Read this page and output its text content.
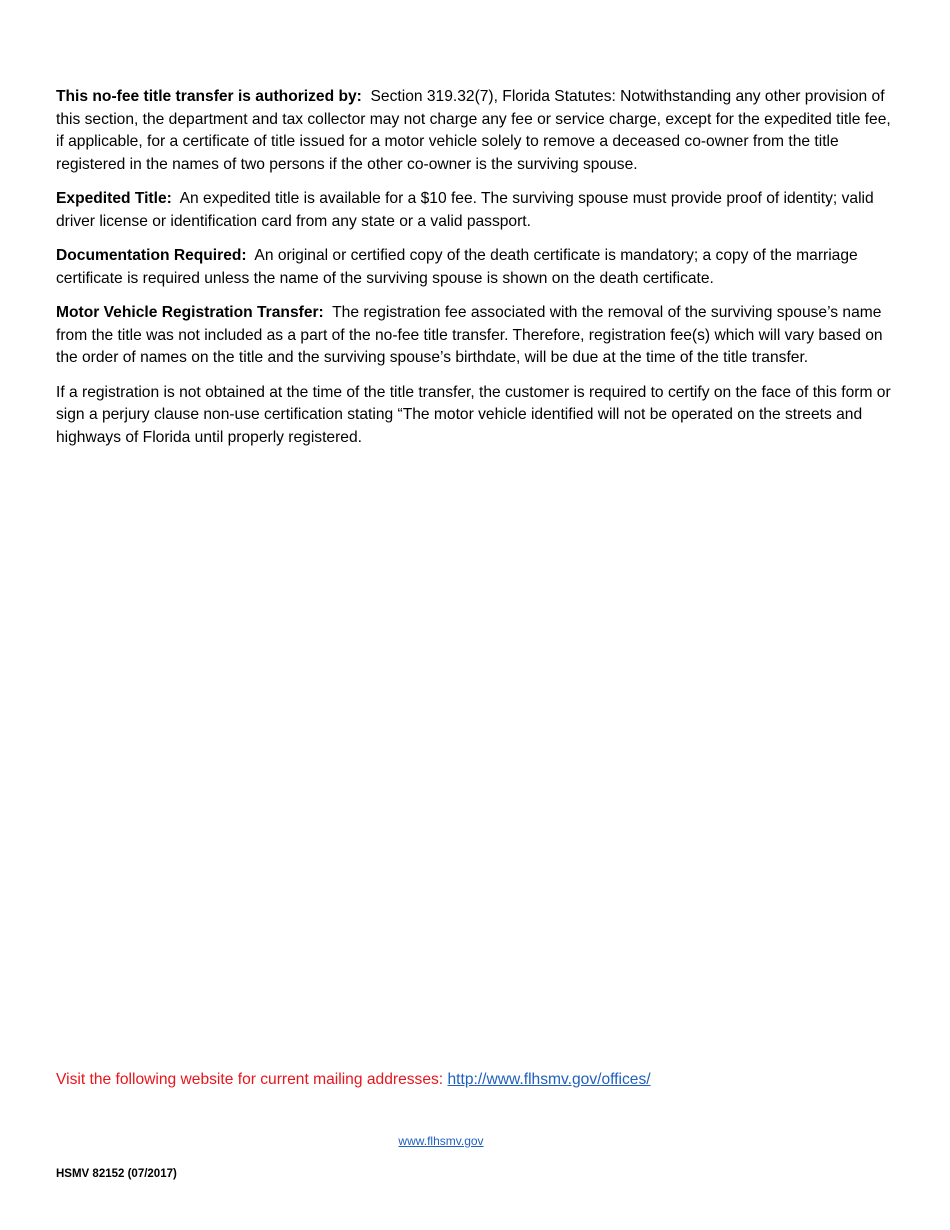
This no-fee title transfer is authorized by: Section 319.32(7), Florida Statutes: Notwithstanding any other provision of this section, the department and tax collector may not charge any fee or service charge, except for the expedited title fee, if applicable, for a certificate of title issued for a motor vehicle solely to remove a deceased co-owner from the title registered in the names of two persons if the other co-owner is the surviving spouse.

Expedited Title: An expedited title is available for a $10 fee. The surviving spouse must provide proof of identity; valid driver license or identification card from any state or a valid passport.

Documentation Required: An original or certified copy of the death certificate is mandatory; a copy of the marriage certificate is required unless the name of the surviving spouse is shown on the death certificate.

Motor Vehicle Registration Transfer: The registration fee associated with the removal of the surviving spouse’s name from the title was not included as a part of the no-fee title transfer. Therefore, registration fee(s) which will vary based on the order of names on the title and the surviving spouse’s birthdate, will be due at the time of the title transfer.

If a registration is not obtained at the time of the title transfer, the customer is required to certify on the face of this form or sign a perjury clause non-use certification stating “The motor vehicle identified will not be operated on the streets and highways of Florida until properly registered.

Visit the following website for current mailing addresses: http://www.flhsmv.gov/offices/
www.flhsmv.gov
HSMV 82152 (07/2017)
